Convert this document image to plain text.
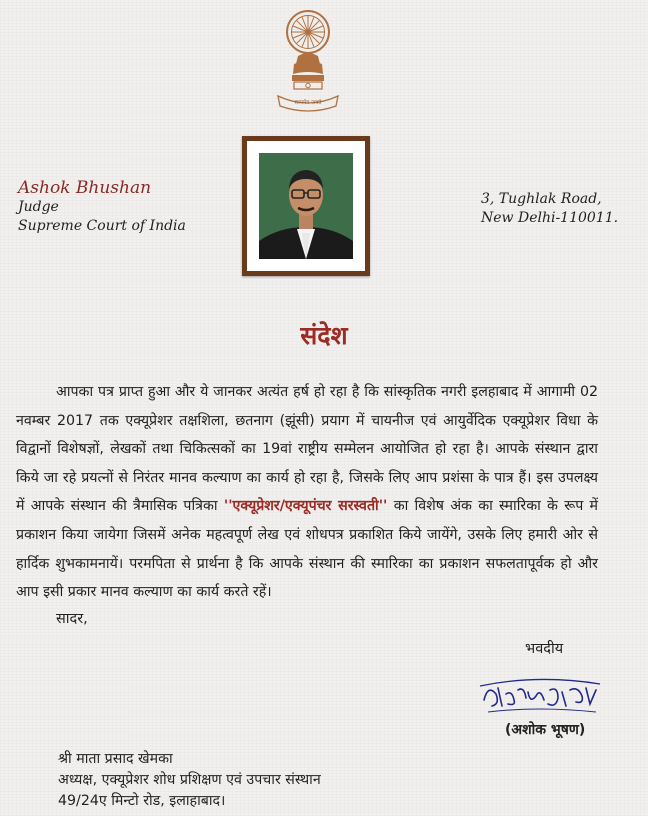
सत्यमेव जयते
Ashok Bhushan
Judge
Supreme Court of India
3, Tughlak Road,
New Delhi-110011.
संदेश
आपका पत्र प्राप्त हुआ और ये जानकर अत्यंत हर्ष हो रहा है कि सांस्कृतिक नगरी इलहाबाद में आगामी 02 नवम्बर 2017 तक एक्यूप्रेशर तक्षशिला, छतनाग (झूंसी) प्रयाग में चायनीज एवं आयुर्वेदिक एक्यूप्रेशर विधा के विद्वानों विशेषज्ञों, लेखकों तथा चिकित्सकों का 19वां राष्ट्रीय सम्मेलन आयोजित हो रहा है। आपके संस्थान द्वारा किये जा रहे प्रयत्नों से निरंतर मानव कल्याण का कार्य हो रहा है, जिसके लिए आप प्रशंसा के पात्र हैं। इस उपलक्ष्य में आपके संस्थान की त्रैमासिक पत्रिका ''एक्यूप्रेशर/एक्यूपंचर सरस्वती'' का विशेष अंक का स्मारिका के रूप में प्रकाशन किया जायेगा जिसमें अनेक महत्वपूर्ण लेख एवं शोधपत्र प्रकाशित किये जायेंगे, उसके लिए हमारी ओर से हार्दिक शुभकामनायें। परमपिता से प्रार्थना है कि आपके संस्थान की स्मारिका का प्रकाशन सफलतापूर्वक हो और आप इसी प्रकार मानव कल्याण का कार्य करते रहें।
सादर,
भवदीय
(अशोक भूषण)
श्री माता प्रसाद खेमका
अध्यक्ष, एक्यूप्रेशर शोध प्रशिक्षण एवं उपचार संस्थान
49/24ए मिन्टो रोड, इलाहाबाद।
